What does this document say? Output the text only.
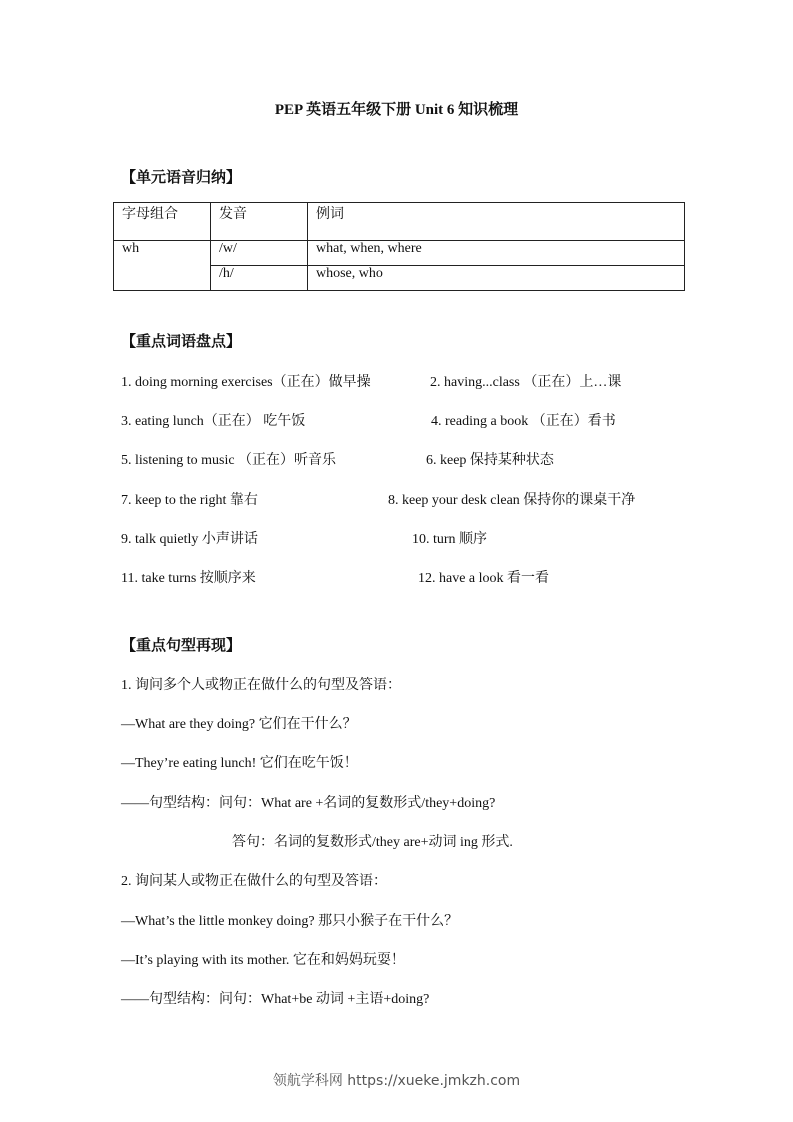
PEP 英语五年级下册 Unit 6 知识梳理
【单元语音归纳】
字母组合	发音	例词
wh	/w/	what, when, where
	/h/	whose, who
【重点词语盘点】
1. doing morning exercises（正在）做早操	2. having...class （正在）上…课
3. eating lunch（正在） 吃午饭	4. reading a book （正在）看书
5. listening to music （正在）听音乐	6. keep 保持某种状态
7. keep to the right 靠右	8. keep your desk clean 保持你的课桌干净
9. talk quietly 小声讲话	10. turn 顺序
11. take turns 按顺序来	12. have a look 看一看
【重点句型再现】
1. 询问多个人或物正在做什么的句型及答语：
—What are they doing? 它们在干什么？
—They’re eating lunch! 它们在吃午饭！
——句型结构：问句：What are +名词的复数形式/they+doing?
答句：名词的复数形式/they are+动词 ing 形式.
2. 询问某人或物正在做什么的句型及答语：
—What’s the little monkey doing? 那只小猴子在干什么？
—It’s playing with its mother. 它在和妈妈玩耍！
——句型结构：问句：What+be 动词 +主语+doing?
领航学科网 https://xueke.jmkzh.com
